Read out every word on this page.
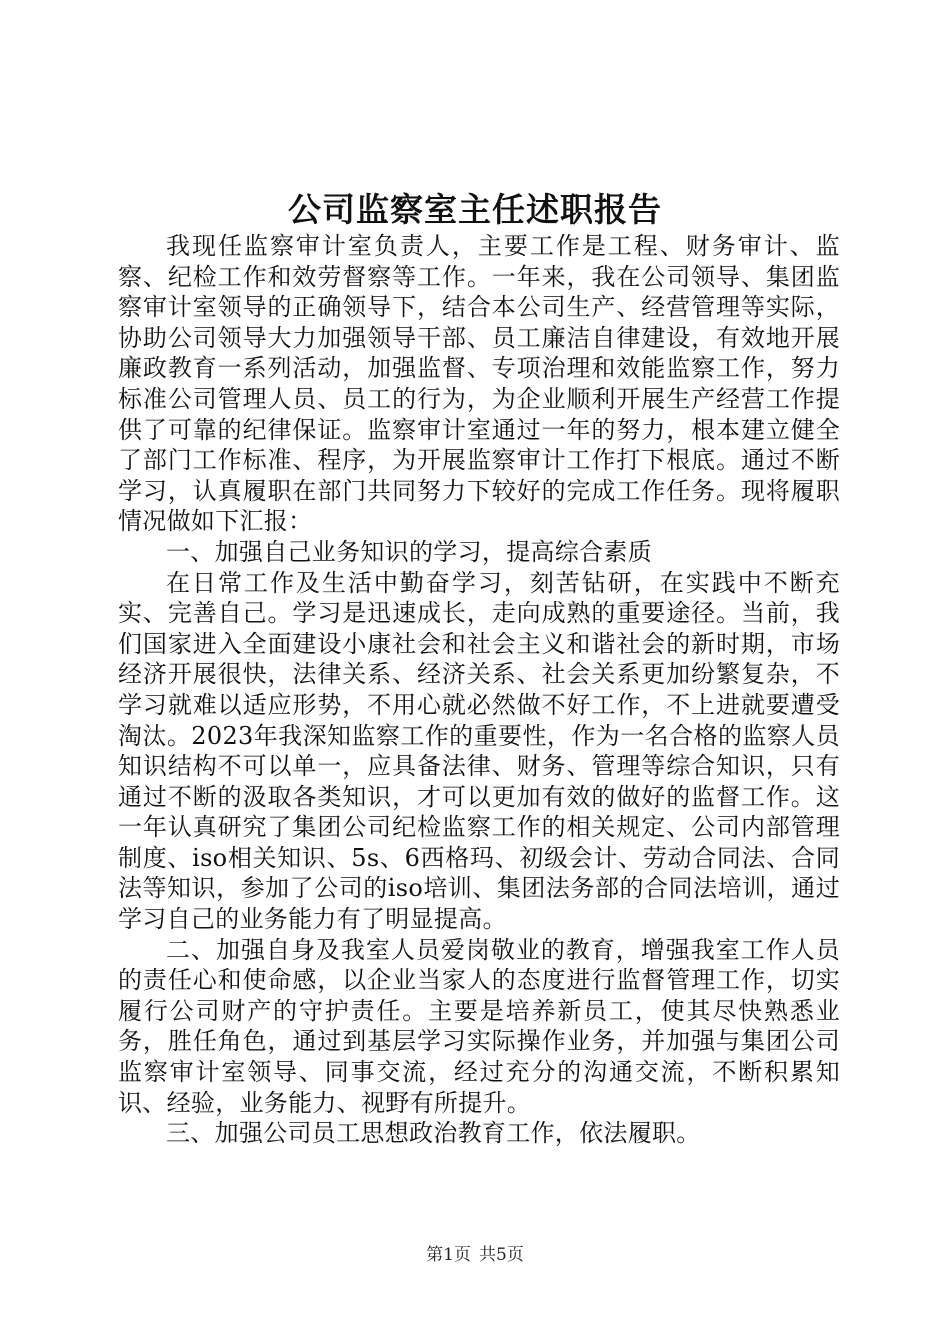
公司监察室主任述职报告

我现任监察审计室负责人，主要工作是工程、财务审计、监察、纪检工作和效劳督察等工作。一年来，我在公司领导、集团监察审计室领导的正确领导下，结合本公司生产、经营管理等实际，协助公司领导大力加强领导干部、员工廉洁自律建设，有效地开展廉政教育一系列活动，加强监督、专项治理和效能监察工作，努力标准公司管理人员、员工的行为，为企业顺利开展生产经营工作提供了可靠的纪律保证。监察审计室通过一年的努力，根本建立健全了部门工作标准、程序，为开展监察审计工作打下根底。通过不断学习，认真履职在部门共同努力下较好的完成工作任务。现将履职情况做如下汇报：

一、加强自己业务知识的学习，提高综合素质

在日常工作及生活中勤奋学习，刻苦钻研，在实践中不断充实、完善自己。学习是迅速成长，走向成熟的重要途径。当前，我们国家进入全面建设小康社会和社会主义和谐社会的新时期，市场经济开展很快，法律关系、经济关系、社会关系更加纷繁复杂，不学习就难以适应形势，不用心就必然做不好工作，不上进就要遭受淘汰。2023年我深知监察工作的重要性，作为一名合格的监察人员知识结构不可以单一，应具备法律、财务、管理等综合知识，只有通过不断的汲取各类知识，才可以更加有效的做好的监督工作。这一年认真研究了集团公司纪检监察工作的相关规定、公司内部管理制度、iso相关知识、5s、6西格玛、初级会计、劳动合同法、合同法等知识，参加了公司的iso培训、集团法务部的合同法培训，通过学习自己的业务能力有了明显提高。

二、加强自身及我室人员爱岗敬业的教育，增强我室工作人员的责任心和使命感，以企业当家人的态度进行监督管理工作，切实履行公司财产的守护责任。主要是培养新员工，使其尽快熟悉业务，胜任角色，通过到基层学习实际操作业务，并加强与集团公司监察审计室领导、同事交流，经过充分的沟通交流，不断积累知识、经验，业务能力、视野有所提升。

三、加强公司员工思想政治教育工作，依法履职。

第1页 共5页
